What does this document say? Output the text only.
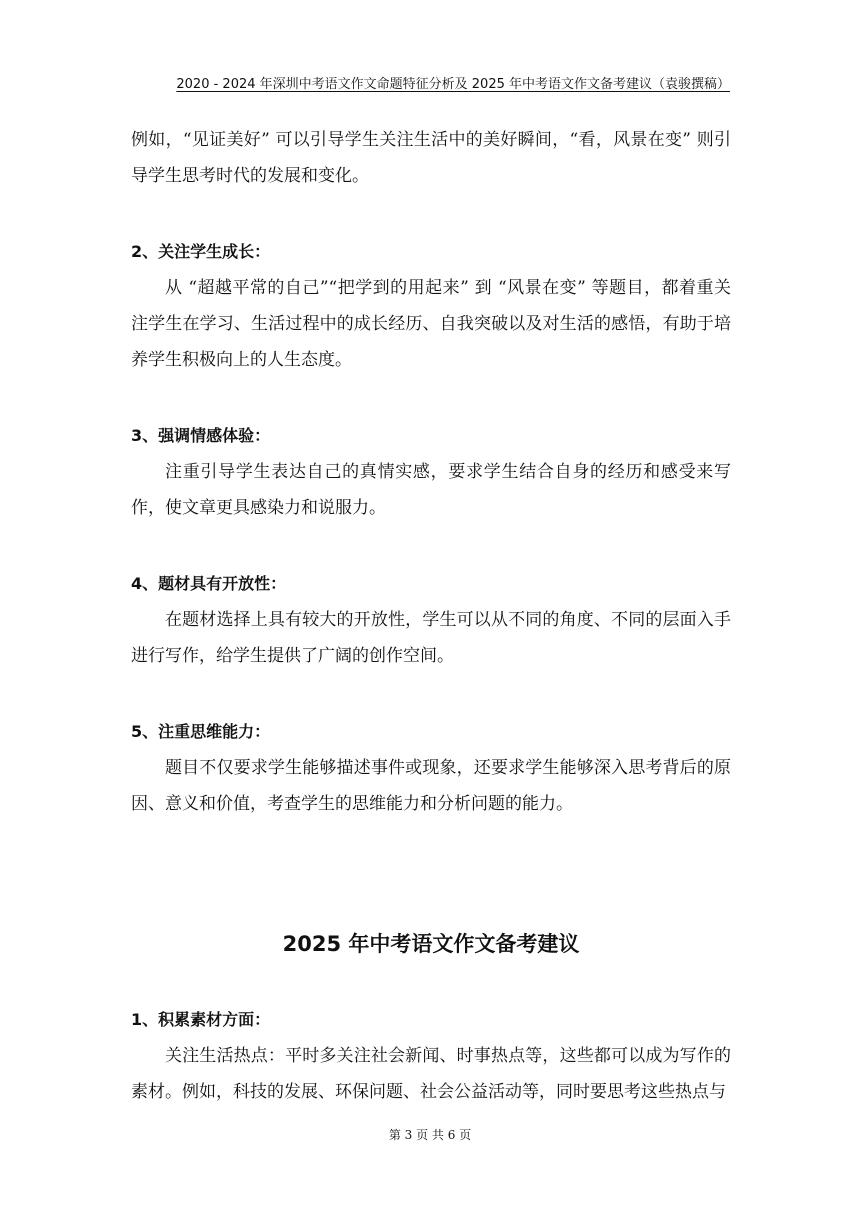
2020 - 2024 年深圳中考语文作文命题特征分析及 2025 年中考语文作文备考建议（袁骏撰稿）

例如，“见证美好” 可以引导学生关注生活中的美好瞬间，“看，风景在变” 则引导学生思考时代的发展和变化。

2、关注学生成长：

从 “超越平常的自己”“把学到的用起来” 到 “风景在变” 等题目，都着重关注学生在学习、生活过程中的成长经历、自我突破以及对生活的感悟，有助于培养学生积极向上的人生态度。

3、强调情感体验：

注重引导学生表达自己的真情实感，要求学生结合自身的经历和感受来写作，使文章更具感染力和说服力。

4、题材具有开放性：

在题材选择上具有较大的开放性，学生可以从不同的角度、不同的层面入手进行写作，给学生提供了广阔的创作空间。

5、注重思维能力：

题目不仅要求学生能够描述事件或现象，还要求学生能够深入思考背后的原因、意义和价值，考查学生的思维能力和分析问题的能力。

2025 年中考语文作文备考建议
1、积累素材方面：

关注生活热点：平时多关注社会新闻、时事热点等，这些都可以成为写作的素材。例如，科技的发展、环保问题、社会公益活动等，同时要思考这些热点与

第 3 页 共 6 页
